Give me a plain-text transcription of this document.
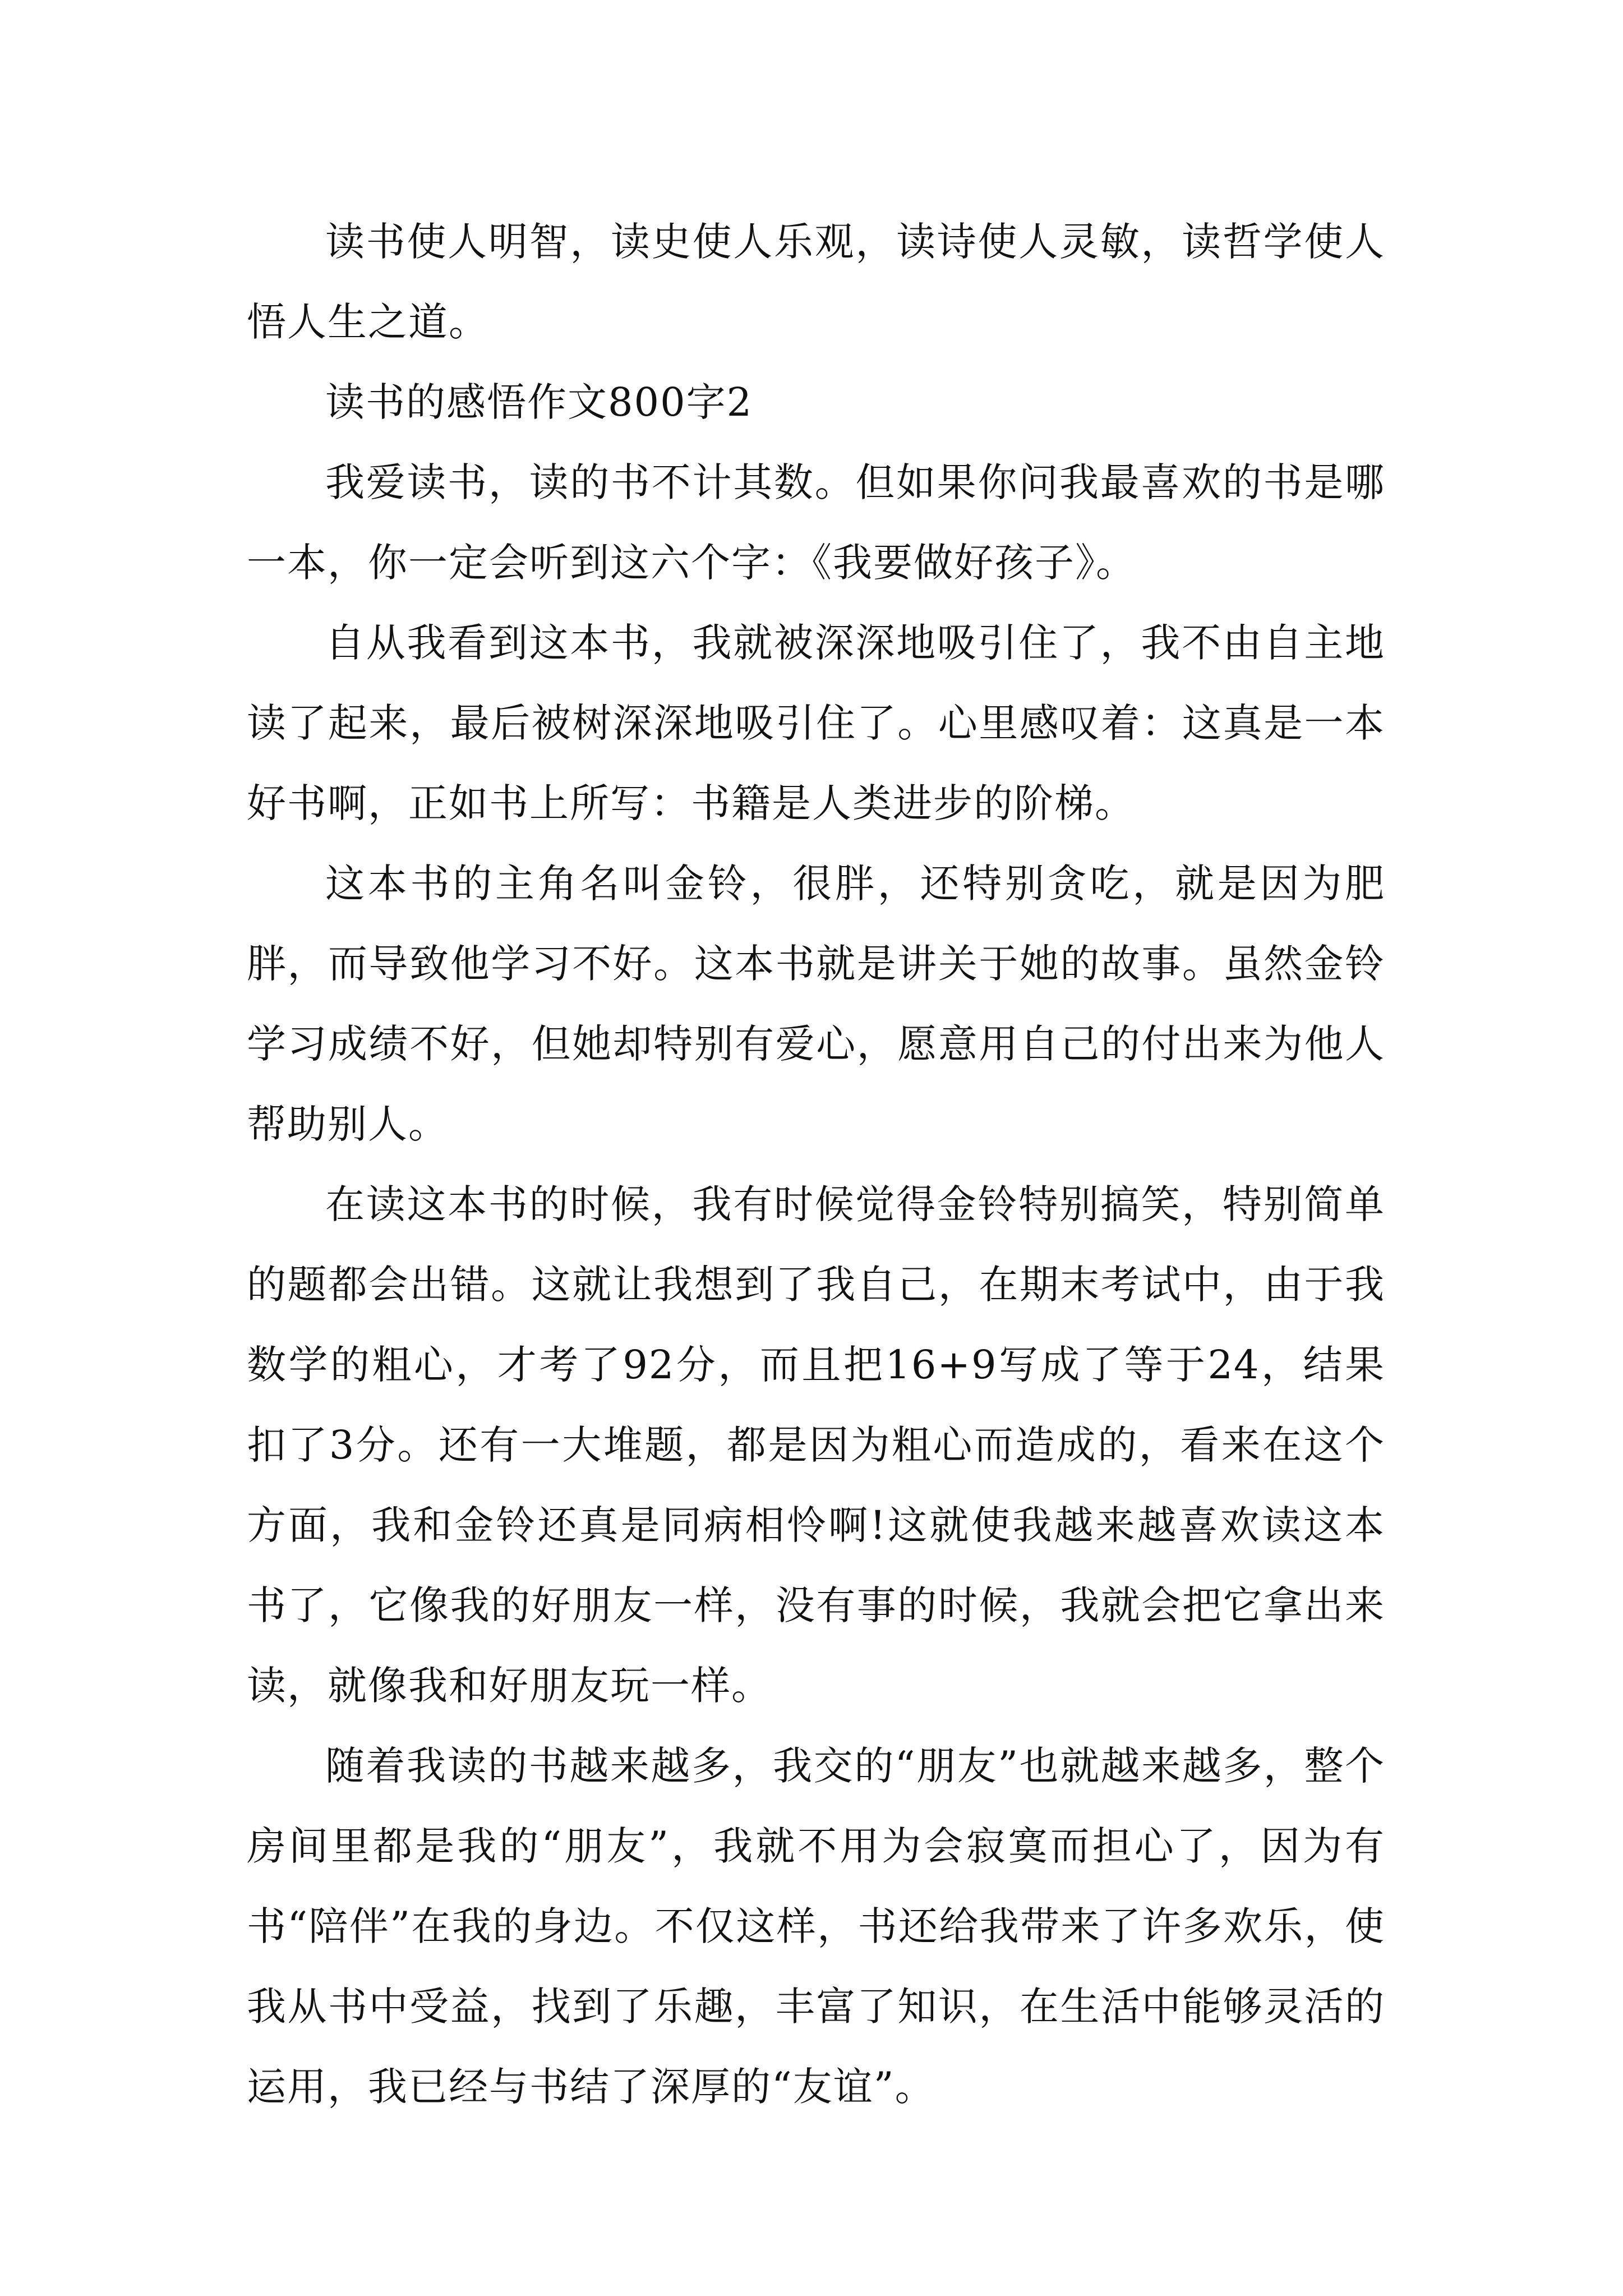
读书使人明智，读史使人乐观，读诗使人灵敏，读哲学使人悟人生之道。

读书的感悟作文800字2

我爱读书，读的书不计其数。但如果你问我最喜欢的书是哪一本，你一定会听到这六个字：《我要做好孩子》。

自从我看到这本书，我就被深深地吸引住了，我不由自主地读了起来，最后被树深深地吸引住了。心里感叹着：这真是一本好书啊，正如书上所写：书籍是人类进步的阶梯。

这本书的主角名叫金铃，很胖，还特别贪吃，就是因为肥胖，而导致他学习不好。这本书就是讲关于她的故事。虽然金铃学习成绩不好，但她却特别有爱心，愿意用自己的付出来为他人帮助别人。

在读这本书的时候，我有时候觉得金铃特别搞笑，特别简单的题都会出错。这就让我想到了我自己，在期末考试中，由于我数学的粗心，才考了92分，而且把16+9写成了等于24，结果扣了3分。还有一大堆题，都是因为粗心而造成的，看来在这个方面，我和金铃还真是同病相怜啊!这就使我越来越喜欢读这本书了，它像我的好朋友一样，没有事的时候，我就会把它拿出来读，就像我和好朋友玩一样。

随着我读的书越来越多，我交的“朋友”也就越来越多，整个房间里都是我的“朋友”，我就不用为会寂寞而担心了，因为有书“陪伴”在我的身边。不仅这样，书还给我带来了许多欢乐，使我从书中受益，找到了乐趣，丰富了知识，在生活中能够灵活的运用，我已经与书结了深厚的“友谊”。
